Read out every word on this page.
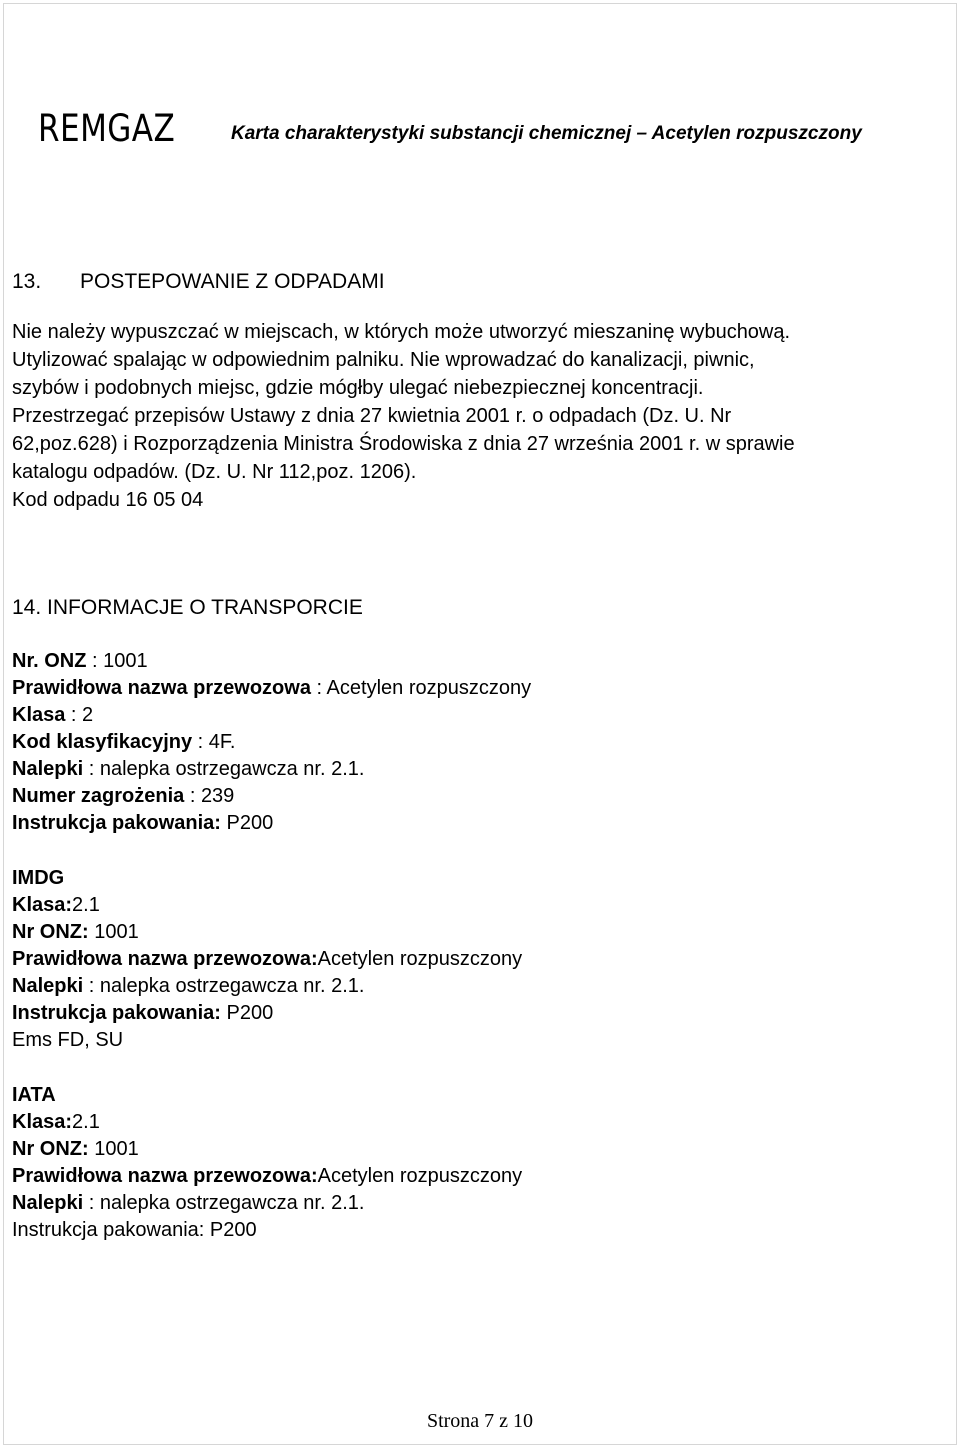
REMGAZ	Karta charakterystyki substancji chemicznej – Acetylen rozpuszczony
13. POSTEPOWANIE Z ODPADAMI
Nie należy wypuszczać w miejscach, w których może utworzyć mieszaninę wybuchową.
Utylizować spalając w odpowiednim palniku. Nie wprowadzać do kanalizacji, piwnic,
szybów i podobnych miejsc, gdzie mógłby ulegać niebezpiecznej koncentracji.
Przestrzegać przepisów Ustawy z dnia 27 kwietnia 2001 r. o odpadach (Dz. U. Nr
62,poz.628) i Rozporządzenia Ministra Środowiska z dnia 27 września 2001 r. w sprawie
katalogu odpadów. (Dz. U. Nr 112,poz. 1206).
Kod odpadu 16 05 04
14. INFORMACJE O TRANSPORCIE
Nr. ONZ : 1001
Prawidłowa nazwa przewozowa : Acetylen rozpuszczony
Klasa : 2
Kod klasyfikacyjny : 4F.
Nalepki : nalepka ostrzegawcza nr. 2.1.
Numer zagrożenia : 239
Instrukcja pakowania: P200
IMDG
Klasa:2.1
Nr ONZ: 1001
Prawidłowa nazwa przewozowa:Acetylen rozpuszczony
Nalepki : nalepka ostrzegawcza nr. 2.1.
Instrukcja pakowania: P200
Ems FD, SU
IATA
Klasa:2.1
Nr ONZ: 1001
Prawidłowa nazwa przewozowa:Acetylen rozpuszczony
Nalepki : nalepka ostrzegawcza nr. 2.1.
Instrukcja pakowania: P200
Strona 7 z 10
